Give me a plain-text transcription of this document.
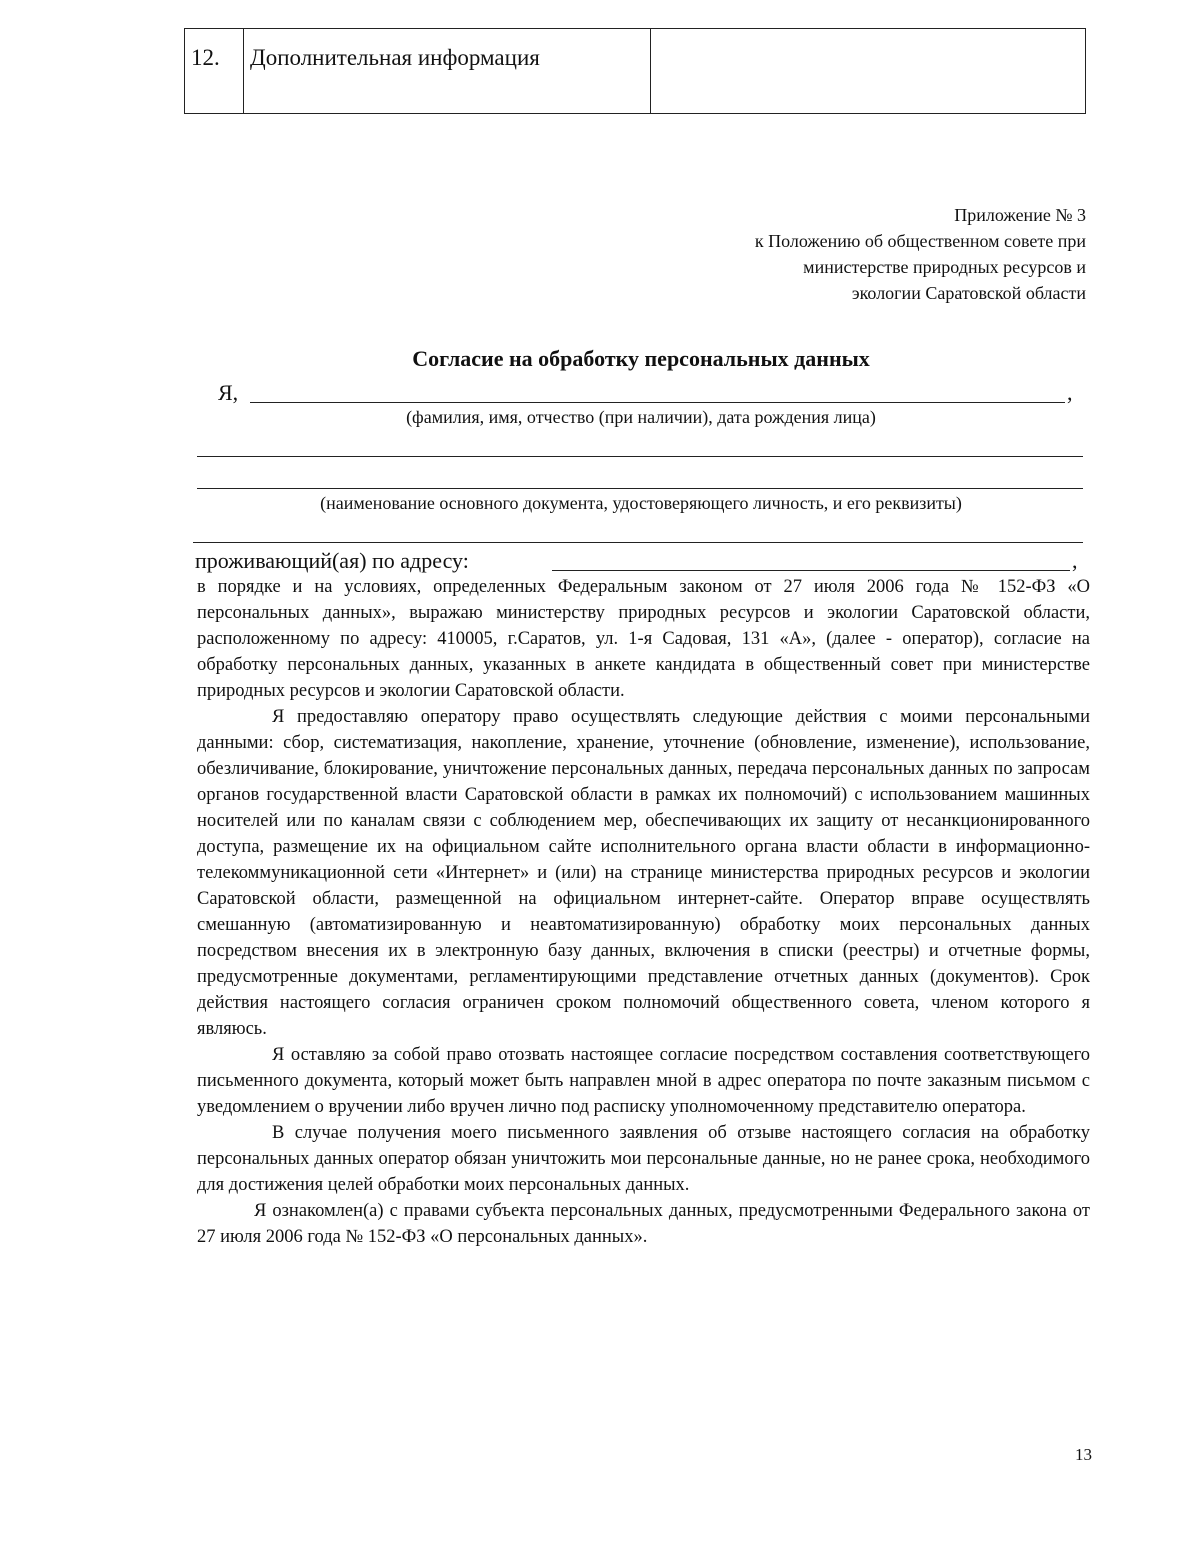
12. Дополнительная информация
Приложение № 3
к Положению об общественном совете при
министерстве природных ресурсов и
экологии Саратовской области
Согласие на обработку персональных данных
Я,	,
(фамилия, имя, отчество (при наличии), дата рождения лица)
(наименование основного документа, удостоверяющего личность, и его реквизиты)
проживающий(ая) по адресу:	,

в порядке и на условиях, определенных Федеральным законом от 27 июля 2006 года № 152-ФЗ «О персональных данных», выражаю министерству природных ресурсов и экологии Саратовской области, расположенному по адресу: 410005, г.Саратов, ул. 1-я Садовая, 131 «А», (далее - оператор), согласие на обработку персональных данных, указанных в анкете кандидата в общественный совет при министерстве природных ресурсов и экологии Саратовской области.

Я предоставляю оператору право осуществлять следующие действия с моими персональными данными: сбор, систематизация, накопление, хранение, уточнение (обновление, изменение), использование, обезличивание, блокирование, уничтожение персональных данных, передача персональных данных по запросам органов государственной власти Саратовской области в рамках их полномочий) с использованием машинных носителей или по каналам связи с соблюдением мер, обеспечивающих их защиту от несанкционированного доступа, размещение их на официальном сайте исполнительного органа власти области в информационно-телекоммуникационной сети «Интернет» и (или) на странице министерства природных ресурсов и экологии Саратовской области, размещенной на официальном интернет-сайте. Оператор вправе осуществлять смешанную (автоматизированную и неавтоматизированную) обработку моих персональных данных посредством внесения их в электронную базу данных, включения в списки (реестры) и отчетные формы, предусмотренные документами, регламентирующими представление отчетных данных (документов). Срок действия настоящего согласия ограничен сроком полномочий общественного совета, членом которого я являюсь.

Я оставляю за собой право отозвать настоящее согласие посредством составления соответствующего письменного документа, который может быть направлен мной в адрес оператора по почте заказным письмом с уведомлением о вручении либо вручен лично под расписку уполномоченному представителю оператора.

В случае получения моего письменного заявления об отзыве настоящего согласия на обработку персональных данных оператор обязан уничтожить мои персональные данные, но не ранее срока, необходимого для достижения целей обработки моих персональных данных.

Я ознакомлен(а) с правами субъекта персональных данных, предусмотренными Федерального закона от 27 июля 2006 года № 152-ФЗ «О персональных данных».

13
